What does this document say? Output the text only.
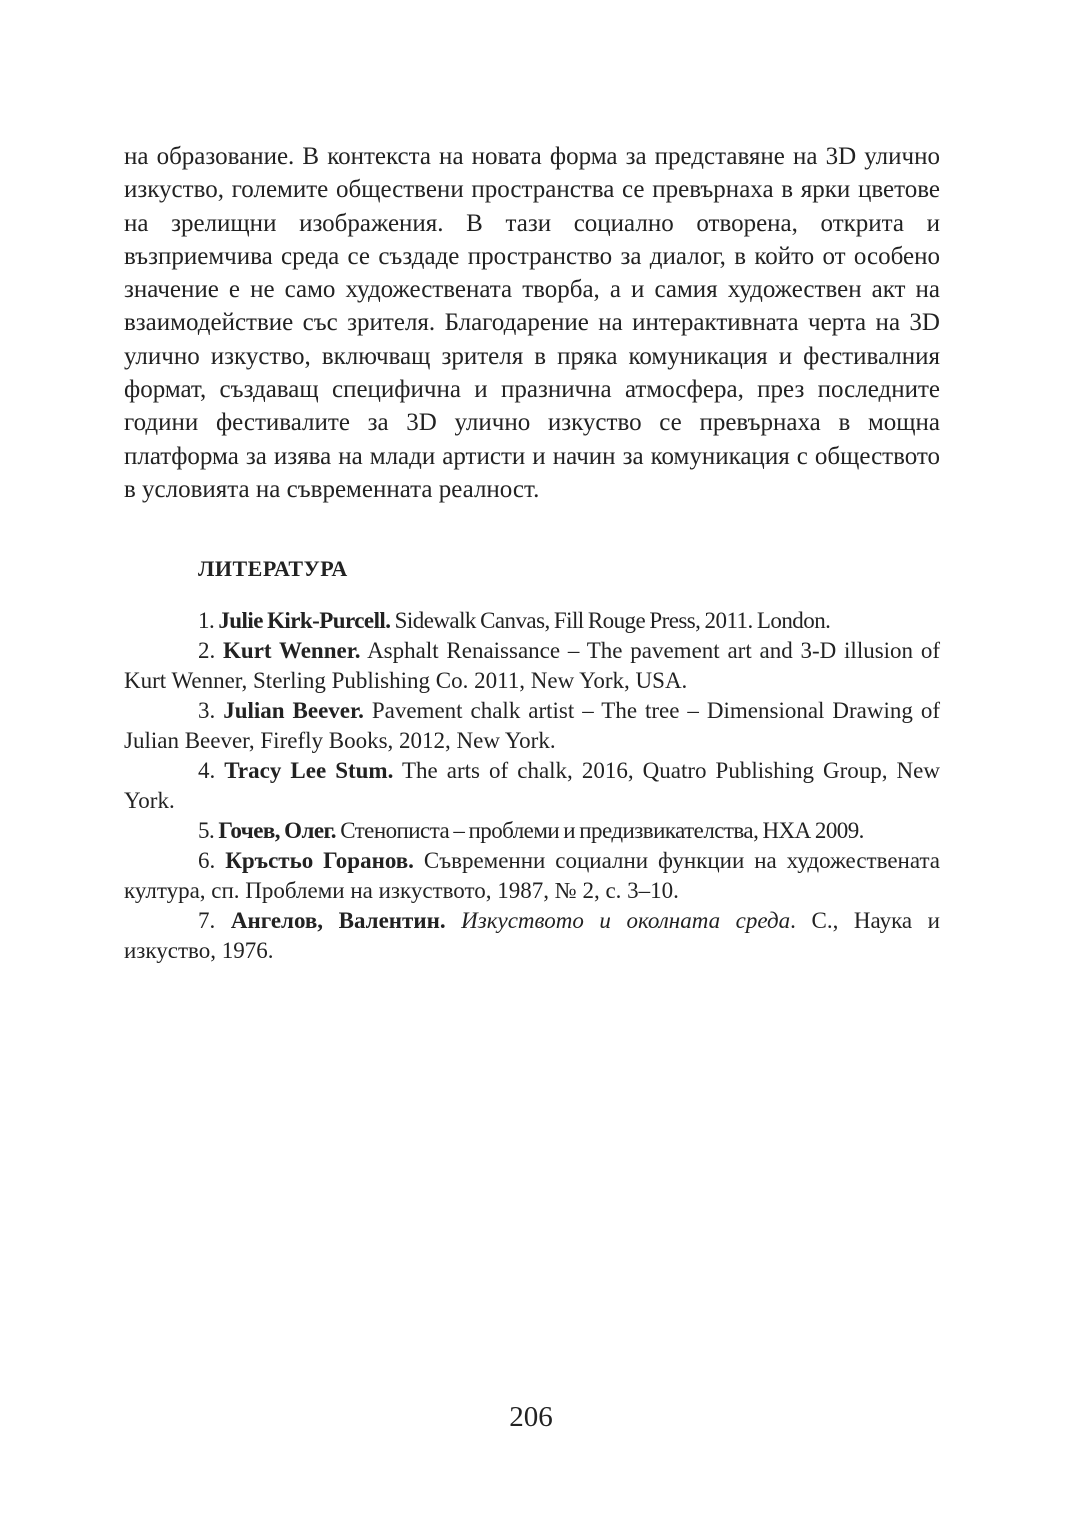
на образование. В контекста на новата форма за представяне на 3D улично изкуство, големите обществени пространства се превърнаха в ярки цветове на зрелищни изображения. В тази социално отворена, открита и възприемчива среда се създаде пространство за диалог, в който от особено значение е не само художествената творба, а и самия художествен акт на взаимодействие със зрителя. Благодарение на интерактивната черта на 3D улично изкуство, включващ зрителя в пряка комуникация и фестивалния формат, създаващ специфична и празнична атмосфера, през последните години фестивалите за 3D улично изкуство се превърнаха в мощна платформа за изява на млади артисти и начин за комуникация с обществото в условията на съвременната реалност.

ЛИТЕРАТУРА
1. Julie Kirk-Purcell. Sidewalk Canvas, Fill Rouge Press, 2011. London.
2. Kurt Wenner. Asphalt Renaissance – The pavement art and 3-D illusion of Kurt Wenner, Sterling Publishing Co. 2011, New York, USA.
3. Julian Beever. Pavement chalk artist – The tree – Dimensional Drawing of Julian Beever, Firefly Books, 2012, New York.
4. Tracy Lee Stum. The arts of chalk, 2016, Quatro Publishing Group, New York.
5. Гочев, Олег. Стенописта – проблеми и предизвикателства, НХА 2009.
6. Кръстьо Горанов. Съвременни социални функции на художествената култура, сп. Проблеми на изкуството, 1987, № 2, с. 3–10.
7. Ангелов, Валентин. Изкуството и околната среда. С., Наука и изкуство, 1976.
206
